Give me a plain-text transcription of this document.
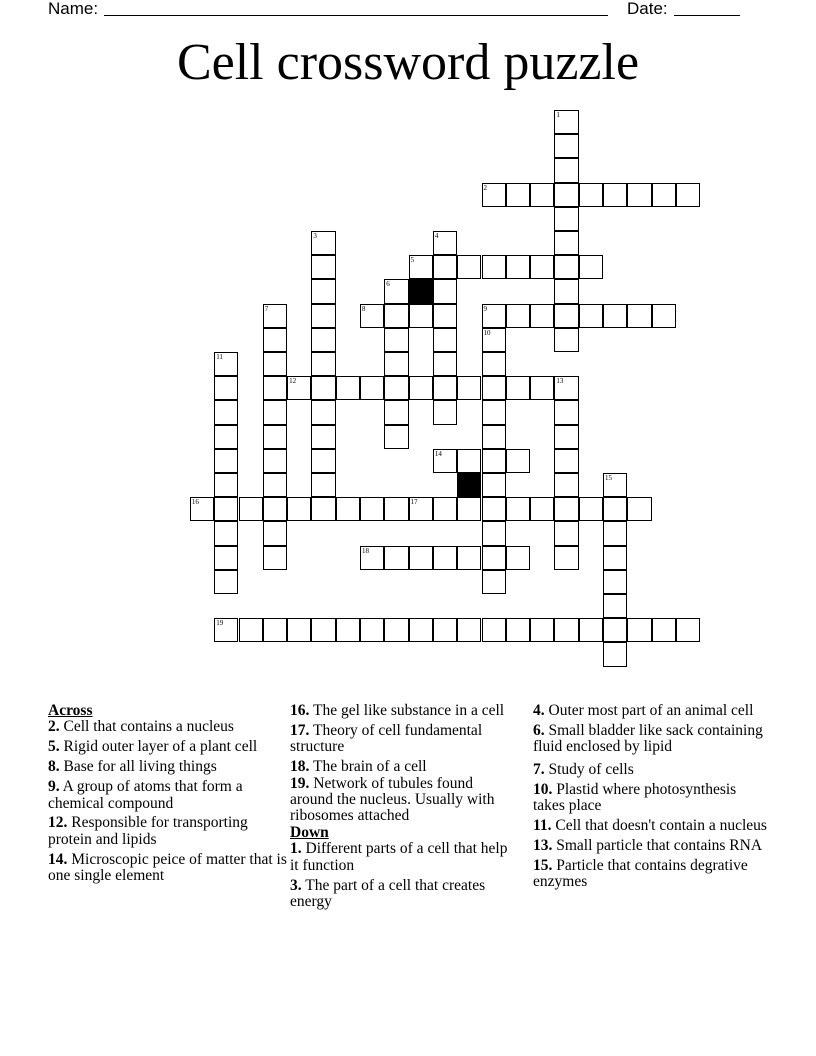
Name:	Date:
Cell crossword puzzle
1
2
3	4
5
6
7	8	9
10
11
12	13
14
15
16	17
18
19

Across

2. Cell that contains a nucleus

5. Rigid outer layer of a plant cell

8. Base for all living things

9. A group of atoms that form a chemical compound

12. Responsible for transporting protein and lipids

14. Microscopic peice of matter that is one single element

16. The gel like substance in a cell

17. Theory of cell fundamental structure

18. The brain of a cell

19. Network of tubules found around the nucleus. Usually with ribosomes attached

Down

1. Different parts of a cell that help it function

3. The part of a cell that creates energy

4. Outer most part of an animal cell

6. Small bladder like sack containing fluid enclosed by lipid

7. Study of cells

10. Plastid where photosynthesis takes place

11. Cell that doesn't contain a nucleus

13. Small particle that contains RNA

15. Particle that contains degrative enzymes
